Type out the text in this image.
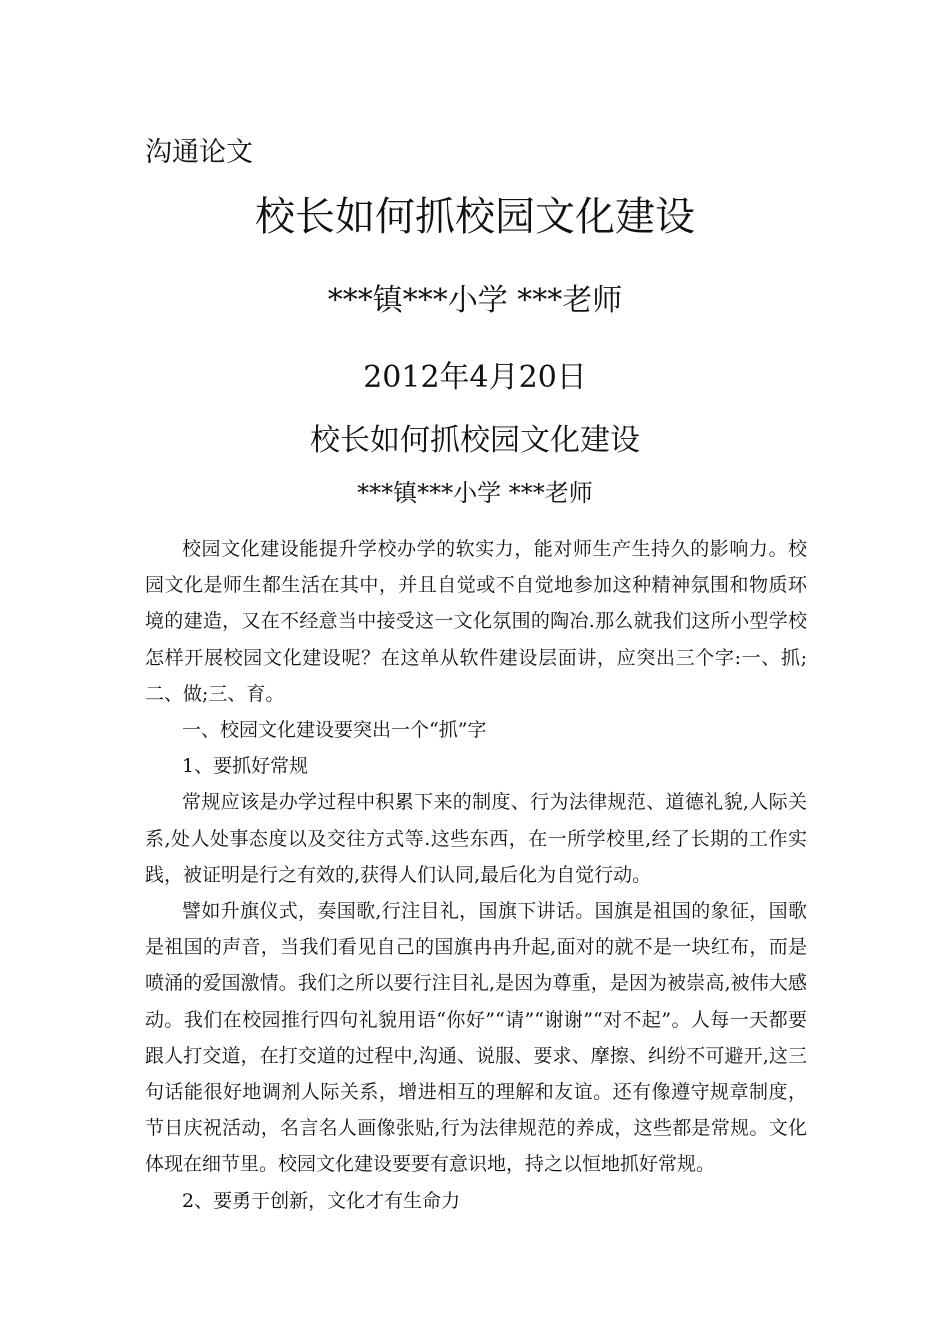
沟通论文
校长如何抓校园文化建设
***镇***小学 ***老师
2012年4月20日
校长如何抓校园文化建设
***镇***小学 ***老师

校园文化建设能提升学校办学的软实力，能对师生产生持久的影响力。校园文化是师生都生活在其中，并且自觉或不自觉地参加这种精神氛围和物质环境的建造，又在不经意当中接受这一文化氛围的陶冶.那么就我们这所小型学校怎样开展校园文化建设呢？在这单从软件建设层面讲，应突出三个字:一、抓;二、做;三、育。

一、校园文化建设要突出一个“抓”字

1、要抓好常规

常规应该是办学过程中积累下来的制度、行为法律规范、道德礼貌,人际关系,处人处事态度以及交往方式等.这些东西，在一所学校里,经了长期的工作实践，被证明是行之有效的,获得人们认同,最后化为自觉行动。

譬如升旗仪式，奏国歌,行注目礼，国旗下讲话。国旗是祖国的象征，国歌是祖国的声音，当我们看见自己的国旗冉冉升起,面对的就不是一块红布，而是喷涌的爱国激情。我们之所以要行注目礼,是因为尊重，是因为被崇高,被伟大感动。我们在校园推行四句礼貌用语“你好”“请”“谢谢”“对不起”。人每一天都要跟人打交道，在打交道的过程中,沟通、说服、要求、摩擦、纠纷不可避开,这三句话能很好地调剂人际关系，增进相互的理解和友谊。还有像遵守规章制度，节日庆祝活动，名言名人画像张贴,行为法律规范的养成，这些都是常规。文化体现在细节里。校园文化建设要要有意识地，持之以恒地抓好常规。

2、要勇于创新，文化才有生命力
